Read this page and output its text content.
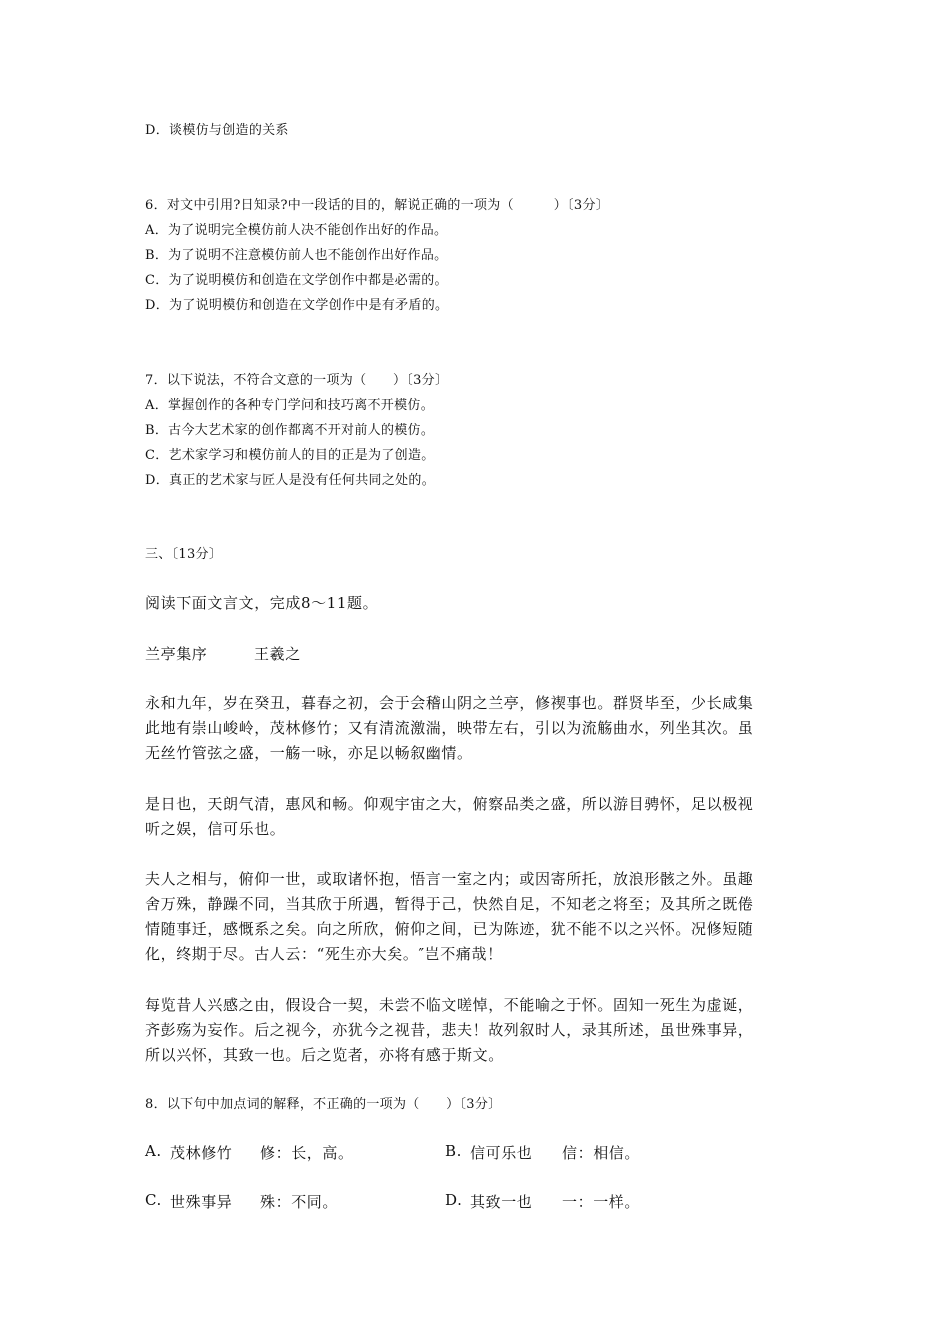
D．谈模仿与创造的关系
6．对文中引用?日知录?中一段话的目的，解说正确的一项为（　　　）〔3分〕
A．为了说明完全模仿前人决不能创作出好的作品。
B．为了说明不注意模仿前人也不能创作出好作品。
C．为了说明模仿和创造在文学创作中都是必需的。
D．为了说明模仿和创造在文学创作中是有矛盾的。
7．以下说法，不符合文意的一项为（　　）〔3分〕
A．掌握创作的各种专门学问和技巧离不开模仿。
B．古今大艺术家的创作都离不开对前人的模仿。
C．艺术家学习和模仿前人的目的正是为了创造。
D．真正的艺术家与匠人是没有任何共同之处的。
三、〔13分〕
阅读下面文言文，完成8～11题。
兰亭集序	王羲之
永和九年，岁在癸丑，暮春之初，会于会稽山阴之兰亭，修禊事也。群贤毕至，少长咸集
此地有崇山峻岭，茂林修竹；又有清流激湍，映带左右，引以为流觞曲水，列坐其次。虽
无丝竹管弦之盛，一觞一咏，亦足以畅叙幽情。
是日也，天朗气清，惠风和畅。仰观宇宙之大，俯察品类之盛，所以游目骋怀，足以极视
听之娱，信可乐也。
夫人之相与，俯仰一世，或取诸怀抱，悟言一室之内；或因寄所托，放浪形骸之外。虽趣
舍万殊，静躁不同，当其欣于所遇，暂得于己，快然自足，不知老之将至；及其所之既倦
情随事迁，感慨系之矣。向之所欣，俯仰之间，已为陈迹，犹不能不以之兴怀。况修短随
化，终期于尽。古人云：“死生亦大矣。″岂不痛哉！
每览昔人兴感之由，假设合一契，未尝不临文嗟悼，不能喻之于怀。固知一死生为虚诞，
齐彭殇为妄作。后之视今，亦犹今之视昔，悲夫！故列叙时人，录其所述，虽世殊事异，
所以兴怀，其致一也。后之览者，亦将有感于斯文。
8．以下句中加点词的解释，不正确的一项为（　　）〔3分〕
A. 茂林修竹 修：长，高。	B. 信可乐也 信：相信。
C. 世殊事异 殊：不同。	D. 其致一也 一：一样。
